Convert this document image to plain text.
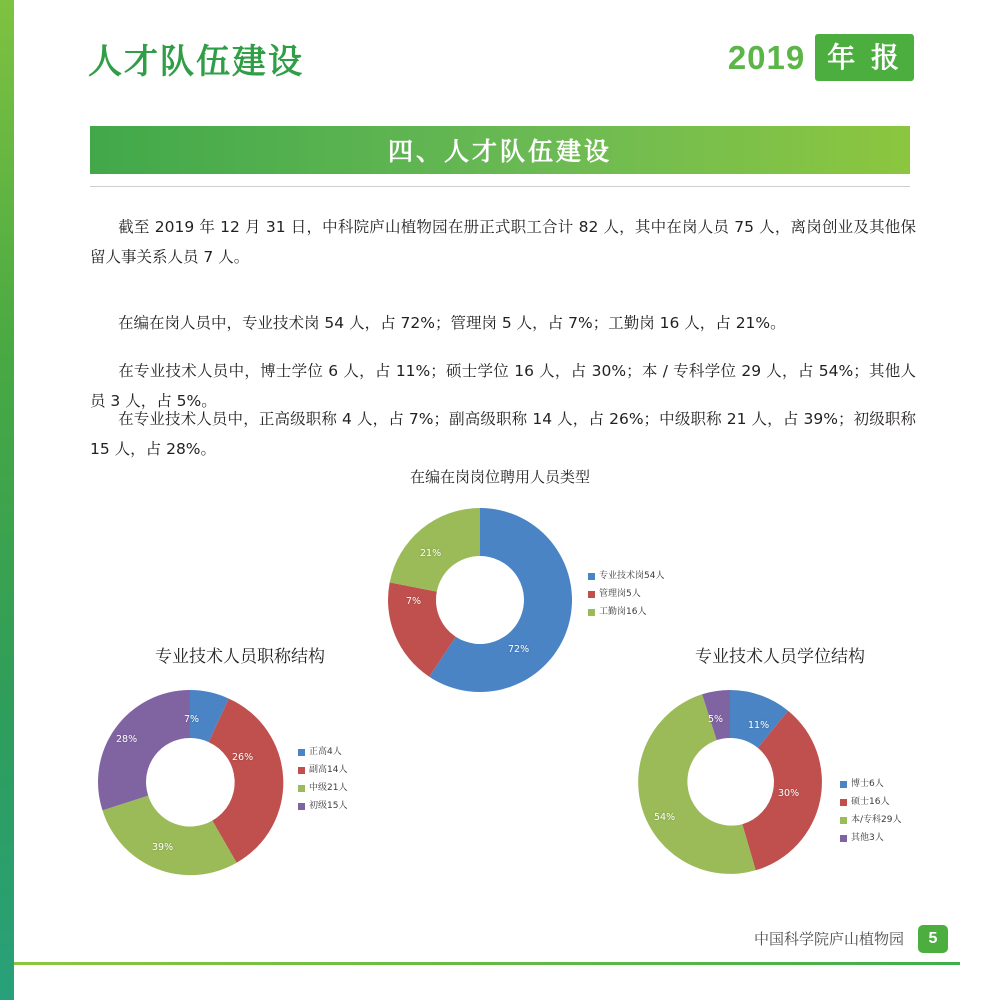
人才队伍建设	2019 年 报
四、人才队伍建设
截至 2019 年 12 月 31 日，中科院庐山植物园在册正式职工合计 82 人，其中在岗人员 75 人，离岗创业及其他保留人事关系人员 7 人。
在编在岗人员中，专业技术岗 54 人，占 72%；管理岗 5 人，占 7%；工勤岗 16 人，占 21%。
在专业技术人员中，博士学位 6 人，占 11%；硕士学位 16 人，占 30%；本 / 专科学位 29 人，占 54%；其他人员 3 人，占 5%。
在专业技术人员中，正高级职称 4 人，占 7%；副高级职称 14 人，占 26%；中级职称 21 人，占 39%；初级职称 15 人，占 28%。
在编在岗岗位聘用人员类型
72%
7%
21%
专业技术岗54人
管理岗5人
工勤岗16人
专业技术人员职称结构
7%
26%
39%
28%
正高4人
副高14人
中级21人
初级15人
专业技术人员学位结构
11%
30%
54%
5%
博士6人
硕士16人
本/专科29人
其他3人
中国科学院庐山植物园	5
